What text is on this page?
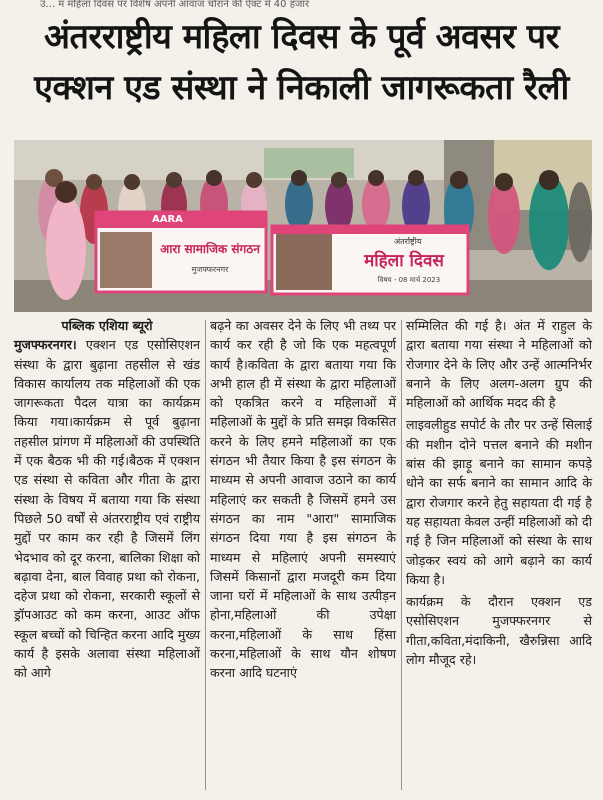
उ... म महिला दिवस पर विशेष अपनी आवाज चौराने की ऐक्ट में 40 हजार
अंतरराष्ट्रीय महिला दिवस के पूर्व अवसर पर
एक्शन एड संस्था ने निकाली जागरूकता रैली
AARA
आरा सामाजिक संगठन
मुजफ्फरनगर
अंतर्राष्ट्रीय
महिला दिवस
विषय - 08 मार्च 2023

पब्लिक एशिया ब्यूरो
मुजफ्फरनगर। एक्शन एड एसोसिएशन संस्था के द्वारा बुढ़ाना तहसील से खंड विकास कार्यालय तक महिलाओं की एक जागरूकता पैदल यात्रा का कार्यक्रम किया गया।कार्यक्रम से पूर्व बुढ़ाना तहसील प्रांगण में महिलाओं की उपस्थिति में एक बैठक भी की गई।बैठक में एक्शन एड संस्था से कविता और गीता के द्वारा संस्था के विषय में बताया गया कि संस्था पिछले 50 वर्षों से अंतरराष्ट्रीय एवं राष्ट्रीय मुद्दों पर काम कर रही है जिसमें लिंग भेदभाव को दूर करना, बालिका शिक्षा को बढ़ावा देना, बाल विवाह प्रथा को रोकना, दहेज प्रथा को रोकना, सरकारी स्कूलों से ड्रॉपआउट को कम करना, आउट ऑफ स्कूल बच्चों को चिन्हित करना आदि मुख्य कार्य है इसके अलावा संस्था महिलाओं को आगे

बढ़ने का अवसर देने के लिए भी तथ्य पर कार्य कर रही है जो कि एक महत्वपूर्ण कार्य है।कविता के द्वारा बताया गया कि अभी हाल ही में संस्था के द्वारा महिलाओं को एकत्रित करने व महिलाओं में महिलाओं के मुद्दों के प्रति समझ विकसित करने के लिए हमने महिलाओं का एक संगठन भी तैयार किया है इस संगठन के माध्यम से अपनी आवाज उठाने का कार्य महिलाएं कर सकती है जिसमें हमने उस संगठन का नाम "आरा" सामाजिक संगठन दिया गया है इस संगठन के माध्यम से महिलाएं अपनी समस्याएं जिसमें किसानों द्वारा मजदूरी कम दिया जाना घरों में महिलाओं के साथ उत्पीड़न होना,महिलाओं की उपेक्षा करना,महिलाओं के साथ हिंसा करना,महिलाओं के साथ यौन शोषण करना आदि घटनाएं

सम्मिलित की गई है। अंत में राहुल के द्वारा बताया गया संस्था ने महिलाओं को रोजगार देने के लिए और उन्हें आत्मनिर्भर बनाने के लिए अलग-अलग ग्रुप की महिलाओं को आर्थिक मदद की है

लाइवलीहुड सपोर्ट के तौर पर उन्हें सिलाई की मशीन दोने पत्तल बनाने की मशीन बांस की झाड़ू बनाने का सामान कपड़े धोने का सर्फ बनाने का सामान आदि के द्वारा रोजगार करने हेतु सहायता दी गई है यह सहायता केवल उन्हीं महिलाओं को दी गई है जिन महिलाओं को संस्था के साथ जोड़कर स्वयं को आगे बढ़ाने का कार्य किया है।

कार्यक्रम के दौरान एक्शन एड एसोसिएशन मुजफ्फरनगर से गीता,कविता,मंदाकिनी, खैरुन्निसा आदि लोग मौजूद रहे।
